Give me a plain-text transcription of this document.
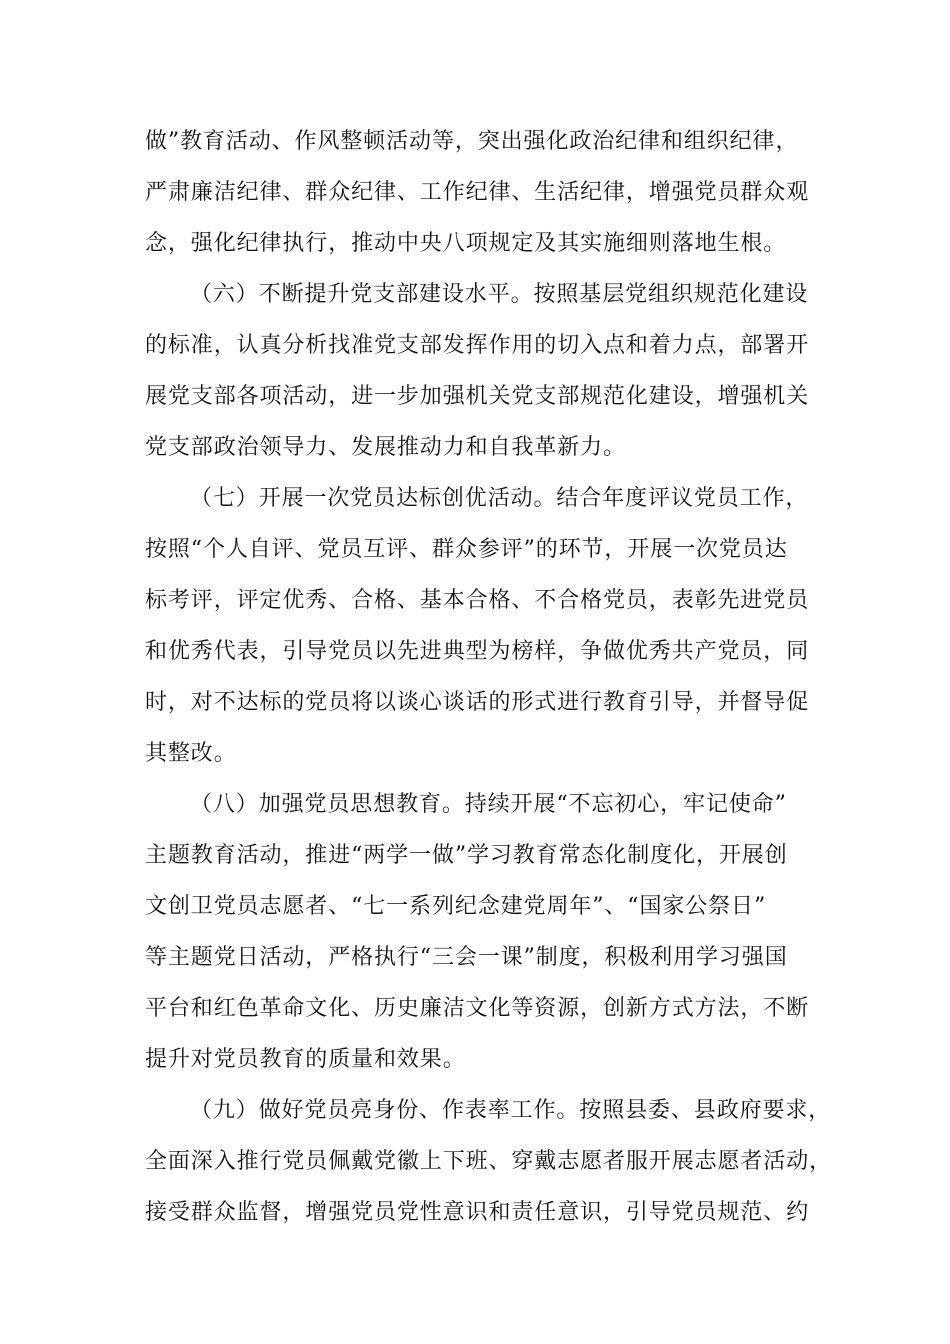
做”教育活动、作风整顿活动等，突出强化政治纪律和组织纪律，
严肃廉洁纪律、群众纪律、工作纪律、生活纪律，增强党员群众观
念，强化纪律执行，推动中央八项规定及其实施细则落地生根。
（六）不断提升党支部建设水平。按照基层党组织规范化建设
的标准，认真分析找准党支部发挥作用的切入点和着力点，部署开
展党支部各项活动，进一步加强机关党支部规范化建设，增强机关
党支部政治领导力、发展推动力和自我革新力。
（七）开展一次党员达标创优活动。结合年度评议党员工作，
按照“个人自评、党员互评、群众参评”的环节，开展一次党员达
标考评，评定优秀、合格、基本合格、不合格党员，表彰先进党员
和优秀代表，引导党员以先进典型为榜样，争做优秀共产党员，同
时，对不达标的党员将以谈心谈话的形式进行教育引导，并督导促
其整改。
（八）加强党员思想教育。持续开展“不忘初心，牢记使命”
主题教育活动，推进“两学一做”学习教育常态化制度化，开展创
文创卫党员志愿者、“七一系列纪念建党周年”、“国家公祭日”
等主题党日活动，严格执行“三会一课”制度，积极利用学习强国
平台和红色革命文化、历史廉洁文化等资源，创新方式方法，不断
提升对党员教育的质量和效果。
（九）做好党员亮身份、作表率工作。按照县委、县政府要求，
全面深入推行党员佩戴党徽上下班、穿戴志愿者服开展志愿者活动，
接受群众监督，增强党员党性意识和责任意识，引导党员规范、约
